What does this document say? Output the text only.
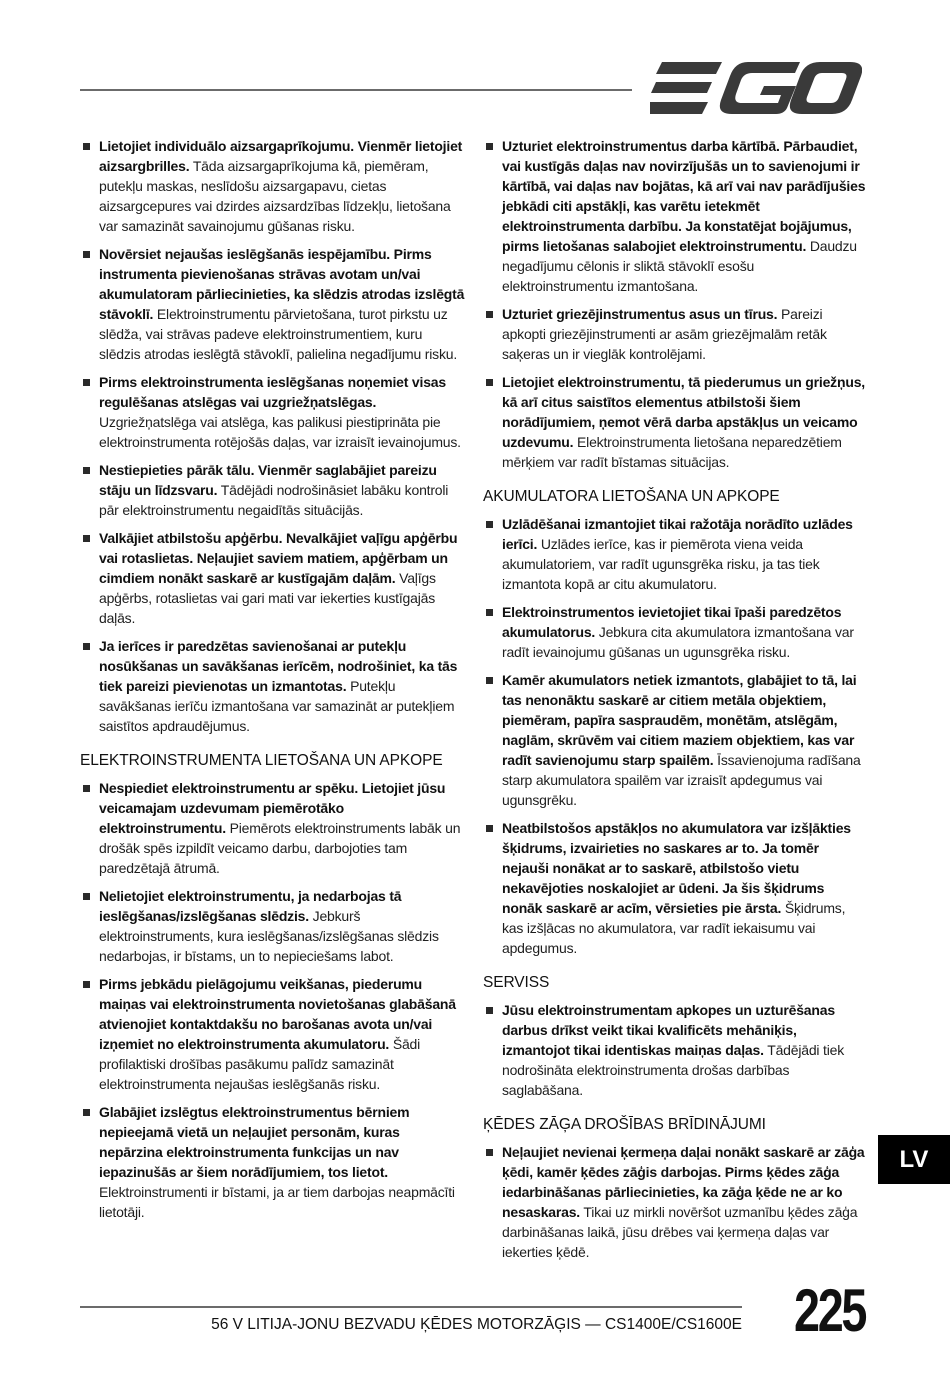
Lietojiet individuālo aizsargaprīkojumu. Vienmēr lietojiet aizsargbrilles. Tāda aizsargaprīkojuma kā, piemēram, putekļu maskas, neslīdošu aizsargapavu, cietas aizsargcepures vai dzirdes aizsardzības līdzekļu, lietošana var samazināt savainojumu gūšanas risku.

Novērsiet nejaušas ieslēgšanās iespējamību. Pirms instrumenta pievienošanas strāvas avotam un/vai akumulatoram pārliecinieties, ka slēdzis atrodas izslēgtā stāvoklī. Elektroinstrumentu pārvietošana, turot pirkstu uz slēdža, vai strāvas padeve elektroinstrumentiem, kuru slēdzis atrodas ieslēgtā stāvoklī, palielina negadījumu risku.

Pirms elektroinstrumenta ieslēgšanas noņemiet visas regulēšanas atslēgas vai uzgriežņatslēgas. Uzgriežņatslēga vai atslēga, kas palikusi piestiprināta pie elektroinstrumenta rotējošās daļas, var izraisīt ievainojumus.

Nestiepieties pārāk tālu. Vienmēr saglabājiet pareizu stāju un līdzsvaru. Tādējādi nodrošināsiet labāku kontroli pār elektroinstrumentu negaidītās situācijās.

Valkājiet atbilstošu apģērbu. Nevalkājiet vaļīgu apģērbu vai rotaslietas. Neļaujiet saviem matiem, apģērbam un cimdiem nonākt saskarē ar kustīgajām daļām. Vaļīgs apģērbs, rotaslietas vai gari mati var iekerties kustīgajās daļās.

Ja ierīces ir paredzētas savienošanai ar putekļu nosūkšanas un savākšanas ierīcēm, nodrošiniet, ka tās tiek pareizi pievienotas un izmantotas. Putekļu savākšanas ierīču izmantošana var samazināt ar putekļiem saistītos apdraudējumus.

ELEKTROINSTRUMENTA LIETOŠANA UN APKOPE

Nespiediet elektroinstrumentu ar spēku. Lietojiet jūsu veicamajam uzdevumam piemērotāko elektroinstrumentu. Piemērots elektroinstruments labāk un drošāk spēs izpildīt veicamo darbu, darbojoties tam paredzētajā ātrumā.

Nelietojiet elektroinstrumentu, ja nedarbojas tā ieslēgšanas/izslēgšanas slēdzis. Jebkurš elektroinstruments, kura ieslēgšanas/izslēgšanas slēdzis nedarbojas, ir bīstams, un to nepieciešams labot.

Pirms jebkādu pielāgojumu veikšanas, piederumu maiņas vai elektroinstrumenta novietošanas glabāšanā atvienojiet kontaktdakšu no barošanas avota un/vai izņemiet no elektroinstrumenta akumulatoru. Šādi profilaktiski drošības pasākumu palīdz samazināt elektroinstrumenta nejaušas ieslēgšanās risku.

Glabājiet izslēgtus elektroinstrumentus bērniem nepieejamā vietā un neļaujiet personām, kuras nepārzina elektroinstrumenta funkcijas un nav iepazinušās ar šiem norādījumiem, tos lietot. Elektroinstrumenti ir bīstami, ja ar tiem darbojas neapmācīti lietotāji.

Uzturiet elektroinstrumentus darba kārtībā. Pārbaudiet, vai kustīgās daļas nav novirzījušās un to savienojumi ir kārtībā, vai daļas nav bojātas, kā arī vai nav parādījušies jebkādi citi apstākļi, kas varētu ietekmēt elektroinstrumenta darbību. Ja konstatējat bojājumus, pirms lietošanas salabojiet elektroinstrumentu. Daudzu negadījumu cēlonis ir sliktā stāvoklī esošu elektroinstrumentu izmantošana.

Uzturiet griezējinstrumentus asus un tīrus. Pareizi apkopti griezējinstrumenti ar asām griezējmalām retāk saķeras un ir vieglāk kontrolējami.

Lietojiet elektroinstrumentu, tā piederumus un griežņus, kā arī citus saistītos elementus atbilstoši šiem norādījumiem, ņemot vērā darba apstākļus un veicamo uzdevumu. Elektroinstrumenta lietošana neparedzētiem mērķiem var radīt bīstamas situācijas.

AKUMULATORA LIETOŠANA UN APKOPE

Uzlādēšanai izmantojiet tikai ražotāja norādīto uzlādes ierīci. Uzlādes ierīce, kas ir piemērota viena veida akumulatoriem, var radīt ugunsgrēka risku, ja tas tiek izmantota kopā ar citu akumulatoru.

Elektroinstrumentos ievietojiet tikai īpaši paredzētos akumulatorus. Jebkura cita akumulatora izmantošana var radīt ievainojumu gūšanas un ugunsgrēka risku.

Kamēr akumulators netiek izmantots, glabājiet to tā, lai tas nenonāktu saskarē ar citiem metāla objektiem, piemēram, papīra saspraudēm, monētām, atslēgām, naglām, skrūvēm vai citiem maziem objektiem, kas var radīt savienojumu starp spailēm. Īssavienojuma radīšana starp akumulatora spailēm var izraisīt apdegumus vai ugunsgrēku.

Neatbilstošos apstākļos no akumulatora var izšļākties šķidrums, izvairieties no saskares ar to. Ja tomēr nejauši nonākat ar to saskarē, atbilstošo vietu nekavējoties noskalojiet ar ūdeni. Ja šis šķidrums nonāk saskarē ar acīm, vērsieties pie ārsta. Šķidrums, kas izšļācas no akumulatora, var radīt iekaisumu vai apdegumus.

SERVISS

Jūsu elektroinstrumentam apkopes un uzturēšanas darbus drīkst veikt tikai kvalificēts mehāniķis, izmantojot tikai identiskas maiņas daļas. Tādējādi tiek nodrošināta elektroinstrumenta drošas darbības saglabāšana.

ĶĒDES ZĀĢA DROŠĪBAS BRĪDINĀJUMI

Neļaujiet nevienai ķermeņa daļai nonākt saskarē ar zāģa ķēdi, kamēr ķēdes zāģis darbojas. Pirms ķēdes zāģa iedarbināšanas pārliecinieties, ka zāģa ķēde ne ar ko nesaskaras. Tikai uz mirkli novēršot uzmanību ķēdes zāģa darbināšanas laikā, jūsu drēbes vai ķermeņa daļas var iekerties ķēdē.

LV
56 V LITIJA-JONU BEZVADU ĶĒDES MOTORZĀĢIS — CS1400E/CS1600E 225
